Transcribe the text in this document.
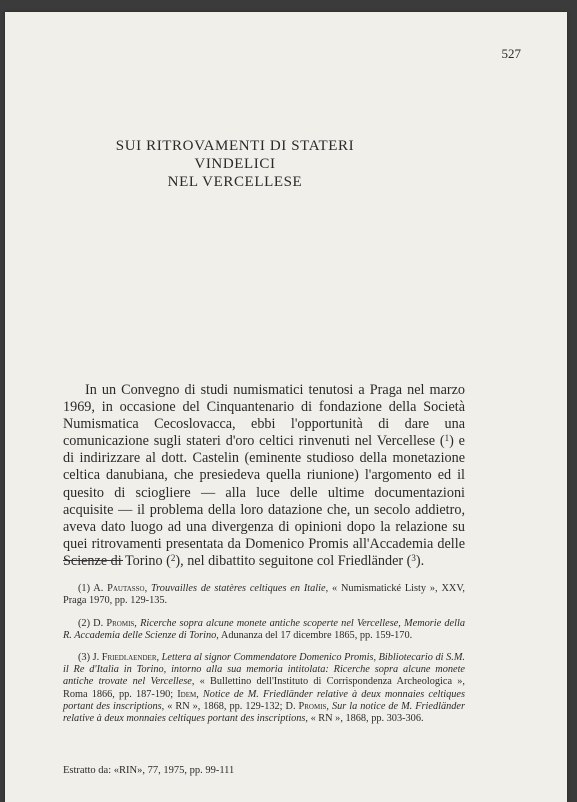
527
SUI RITROVAMENTI DI STATERI VINDELICI
NEL VERCELLESE
In un Convegno di studi numismatici tenutosi a Praga nel marzo 1969, in occasione del Cinquantenario di fondazione della Società Numismatica Cecoslovacca, ebbi l'opportunità di dare una comunicazione sugli stateri d'oro celtici rinvenuti nel Vercellese ($^1$) e di indirizzare al dott. Castelin (eminente studioso della monetazione celtica danubiana, che presiedeva quella riunione) l'argomento ed il quesito di sciogliere — alla luce delle ultime documentazioni acquisite — il problema della loro datazione che, un secolo addietro, aveva dato luogo ad una divergenza di opinioni dopo la relazione su quei ritrovamenti presentata da Domenico Promis all'Accademia delle Scienze di Torino ($^2$), nel dibattito seguitone col Friedländer ($^3$).

(1) A. Pautasso, Trouvailles de statères celtiques en Italie, « Numismatické Listy », XXV, Praga 1970, pp. 129-135.

(2) D. Promis, Ricerche sopra alcune monete antiche scoperte nel Vercellese, Memorie della R. Accademia delle Scienze di Torino, Adunanza del 17 dicembre 1865, pp. 159-170.

(3) J. Friedlaender, Lettera al signor Commendatore Domenico Promis, Bibliotecario di S.M. il Re d'Italia in Torino, intorno alla sua memoria intitolata: Ricerche sopra alcune monete antiche trovate nel Vercellese, « Bullettino dell'Instituto di Corrispondenza Archeologica », Roma 1866, pp. 187-190; Idem, Notice de M. Friedländer relative à deux monnaies celtiques portant des inscriptions, « RN », 1868, pp. 129-132; D. Promis, Sur la notice de M. Friedländer relative à deux monnaies celtiques portant des inscriptions, « RN », 1868, pp. 303-306.

Estratto da: «RIN», 77, 1975, pp. 99-111
